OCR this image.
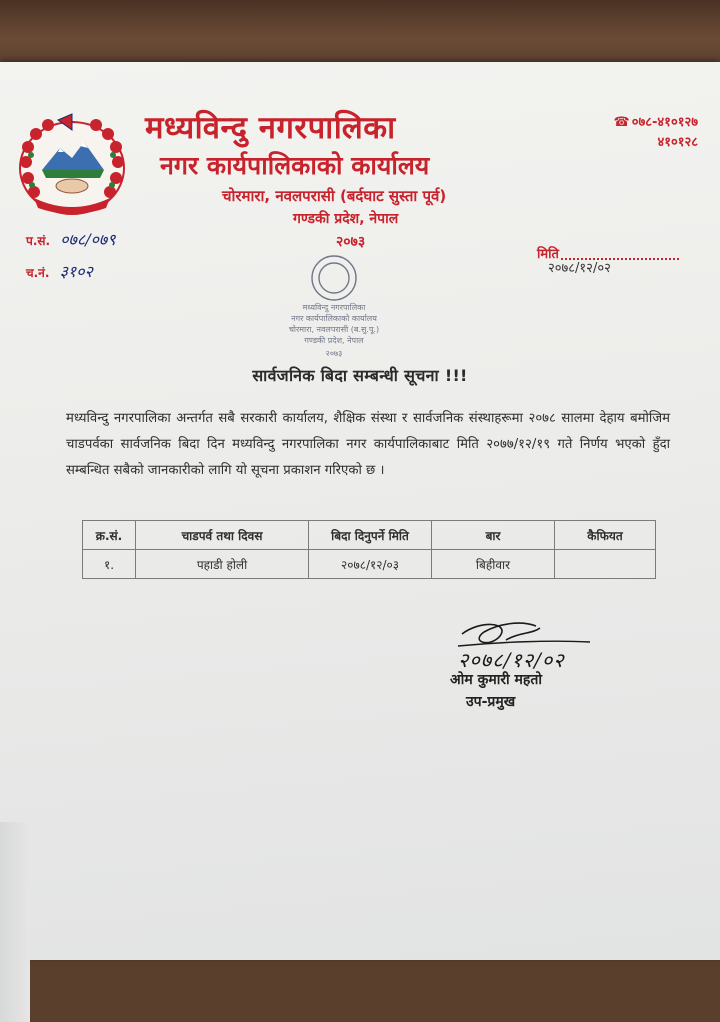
मध्यविन्दु नगरपालिका
नगर कार्यपालिकाको कार्यालय
चोरमारा, नवलपरासी (बर्दघाट सुस्ता पूर्व)
गण्डकी प्रदेश, नेपाल
२०७३
☎ ०७८-४१०१२७
४१०१२८
प.सं. ०७८/०७९
च.नं. ३१०२
मिति
२०७८/१२/०२
मध्यविन्दु नगरपालिका
नगर कार्यपालिकाको कार्यालय
चोरमारा, नवलपरासी (ब.सु.पू.)
गण्डकी प्रदेश, नेपाल
२०७३
सार्वजनिक बिदा सम्बन्धी सूचना !!!
मध्यविन्दु नगरपालिका अन्तर्गत सबै सरकारी कार्यालय, शैक्षिक संस्था र सार्वजनिक संस्थाहरूमा २०७८ सालमा देहाय बमोजिम चाडपर्वका सार्वजनिक बिदा दिन मध्यविन्दु नगरपालिका नगर कार्यपालिकाबाट मिति २०७७/१२/१९ गते निर्णय भएको हुँदा सम्बन्धित सबैको जानकारीको लागि यो सूचना प्रकाशन गरिएको छ ।
क्र.सं.	चाडपर्व तथा दिवस	बिदा दिनुपर्ने मिति	बार	कैफियत
१.	पहाडी होली	२०७८/१२/०३	बिहीवार	
२०७८/१२/०२
ओम कुमारी महतो
उप-प्रमुख
